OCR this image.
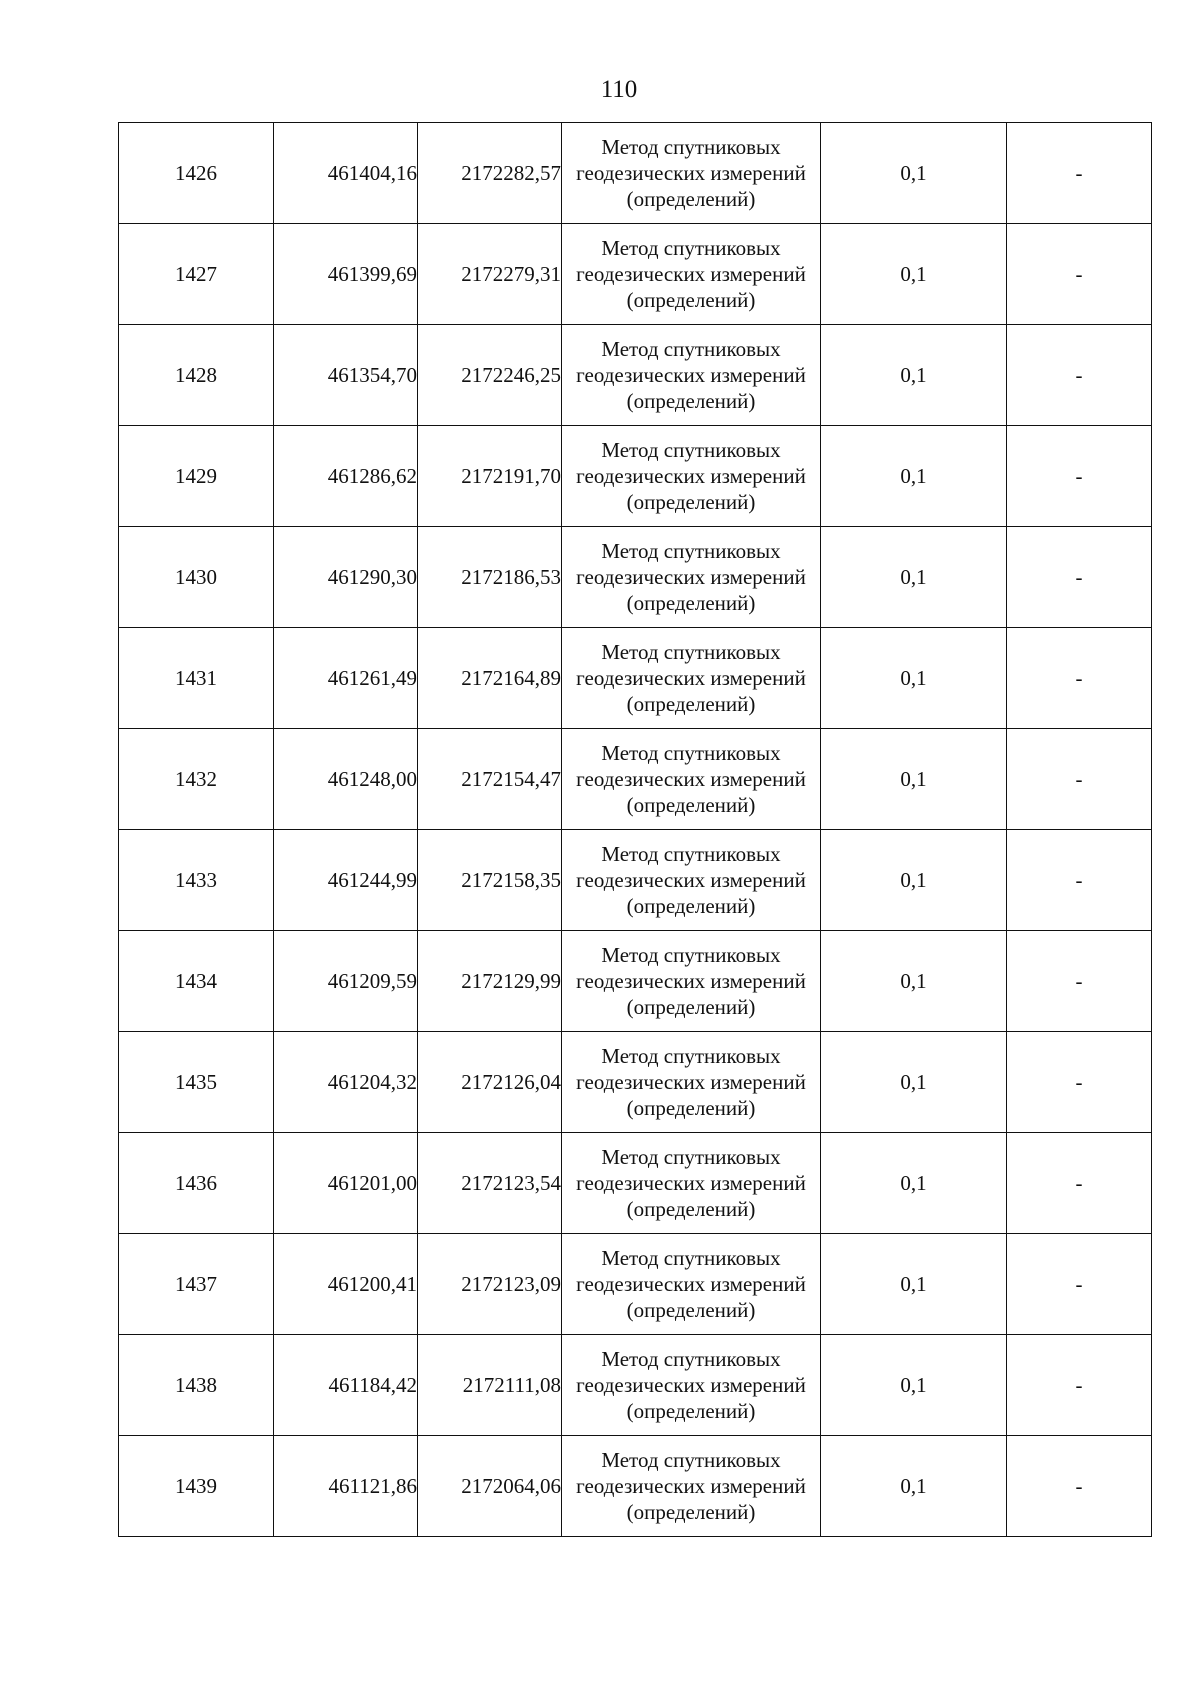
110
1426	461404,16	2172282,57	Метод спутниковых
геодезических измерений
(определений)	0,1	-
1427	461399,69	2172279,31	Метод спутниковых
геодезических измерений
(определений)	0,1	-
1428	461354,70	2172246,25	Метод спутниковых
геодезических измерений
(определений)	0,1	-
1429	461286,62	2172191,70	Метод спутниковых
геодезических измерений
(определений)	0,1	-
1430	461290,30	2172186,53	Метод спутниковых
геодезических измерений
(определений)	0,1	-
1431	461261,49	2172164,89	Метод спутниковых
геодезических измерений
(определений)	0,1	-
1432	461248,00	2172154,47	Метод спутниковых
геодезических измерений
(определений)	0,1	-
1433	461244,99	2172158,35	Метод спутниковых
геодезических измерений
(определений)	0,1	-
1434	461209,59	2172129,99	Метод спутниковых
геодезических измерений
(определений)	0,1	-
1435	461204,32	2172126,04	Метод спутниковых
геодезических измерений
(определений)	0,1	-
1436	461201,00	2172123,54	Метод спутниковых
геодезических измерений
(определений)	0,1	-
1437	461200,41	2172123,09	Метод спутниковых
геодезических измерений
(определений)	0,1	-
1438	461184,42	2172111,08	Метод спутниковых
геодезических измерений
(определений)	0,1	-
1439	461121,86	2172064,06	Метод спутниковых
геодезических измерений
(определений)	0,1	-
